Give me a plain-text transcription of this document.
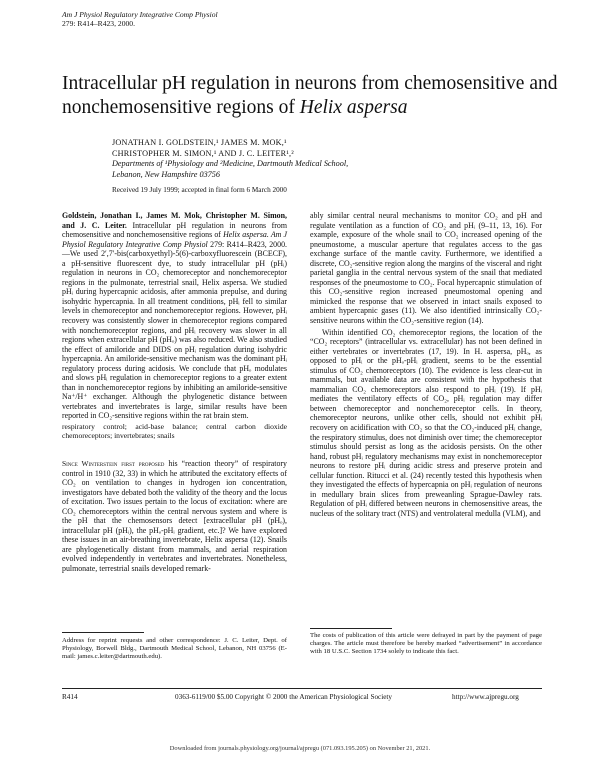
Am J Physiol Regulatory Integrative Comp Physiol
279: R414–R423, 2000.
Intracellular pH regulation in neurons from chemosensitive and nonchemosensitive regions of Helix aspersa
JONATHAN I. GOLDSTEIN,¹ JAMES M. MOK,¹
CHRISTOPHER M. SIMON,¹ AND J. C. LEITER¹,²
Departments of ¹Physiology and ²Medicine, Dartmouth Medical School,
Lebanon, New Hampshire 03756
Received 19 July 1999; accepted in final form 6 March 2000

Goldstein, Jonathan I., James M. Mok, Christopher M. Simon, and J. C. Leiter. Intracellular pH regulation in neurons from chemosensitive and nonchemosensitive regions of Helix aspersa. Am J Physiol Regulatory Integrative Comp Physiol 279: R414–R423, 2000.—We used 2′,7′-bis(carboxyethyl)-5(6)-carboxyfluorescein (BCECF), a pH-sensitive fluorescent dye, to study intracellular pH (pHᵢ) regulation in neurons in CO₂ chemoreceptor and nonchemoreceptor regions in the pulmonate, terrestrial snail, Helix aspersa. We studied pHᵢ during hypercapnic acidosis, after ammonia prepulse, and during isohydric hypercapnia. In all treatment conditions, pHᵢ fell to similar levels in chemoreceptor and nonchemoreceptor regions. However, pHᵢ recovery was consistently slower in chemoreceptor regions compared with nonchemoreceptor regions, and pHᵢ recovery was slower in all regions when extracellular pH (pHₒ) was also reduced. We also studied the effect of amiloride and DIDS on pHᵢ regulation during isohydric hypercapnia. An amiloride-sensitive mechanism was the dominant pHᵢ regulatory process during acidosis. We conclude that pHₒ modulates and slows pHᵢ regulation in chemoreceptor regions to a greater extent than in nonchemoreceptor regions by inhibiting an amiloride-sensitive Na⁺/H⁺ exchanger. Although the phylogenetic distance between vertebrates and invertebrates is large, similar results have been reported in CO₂-sensitive regions within the rat brain stem.

respiratory control; acid-base balance; central carbon dioxide chemoreceptors; invertebrates; snails

Since Winterstein first proposed his “reaction theory” of respiratory control in 1910 (32, 33) in which he attributed the excitatory effects of CO₂ on ventilation to changes in hydrogen ion concentration, investigators have debated both the validity of the theory and the locus of excitation. Two issues pertain to the locus of excitation: where are CO₂ chemoreceptors within the central nervous system and where is the pH that the chemosensors detect [extracellular pH (pHₒ), intracellular pH (pHᵢ), the pHₒ-pHᵢ gradient, etc.]? We have explored these issues in an air-breathing invertebrate, Helix aspersa (12). Snails are phylogenetically distant from mammals, and aerial respiration evolved independently in vertebrates and invertebrates. Nonetheless, pulmonate, terrestrial snails developed remark-

ably similar central neural mechanisms to monitor CO₂ and pH and regulate ventilation as a function of CO₂ and pHᵢ (9–11, 13, 16). For example, exposure of the whole snail to CO₂ increased opening of the pneumostome, a muscular aperture that regulates access to the gas exchange surface of the mantle cavity. Furthermore, we identified a discrete, CO₂-sensitive region along the margins of the visceral and right parietal ganglia in the central nervous system of the snail that mediated responses of the pneumostome to CO₂. Focal hypercapnic stimulation of this CO₂-sensitive region increased pneumostomal opening and mimicked the response that we observed in intact snails exposed to ambient hypercapnic gases (11). We also identified intrinsically CO₂-sensitive neurons within the CO₂-sensitive region (14).

Within identified CO₂ chemoreceptor regions, the location of the “CO₂ receptors” (intracellular vs. extracellular) has not been defined in either vertebrates or invertebrates (17, 19). In H. aspersa, pHₒ, as opposed to pHᵢ or the pHₒ-pHᵢ gradient, seems to be the essential stimulus of CO₂ chemoreceptors (10). The evidence is less clear-cut in mammals, but available data are consistent with the hypothesis that mammalian CO₂ chemoreceptors also respond to pHᵢ (19). If pHᵢ mediates the ventilatory effects of CO₂, pHᵢ regulation may differ between chemoreceptor and nonchemoreceptor cells. In theory, chemoreceptor neurons, unlike other cells, should not exhibit pHᵢ recovery on acidification with CO₂ so that the CO₂-induced pHᵢ change, the respiratory stimulus, does not diminish over time; the chemoreceptor stimulus should persist as long as the acidosis persists. On the other hand, robust pHᵢ regulatory mechanisms may exist in nonchemoreceptor neurons to restore pHᵢ during acidic stress and preserve protein and cellular function. Ritucci et al. (24) recently tested this hypothesis when they investigated the effects of hypercapnia on pHᵢ regulation of neurons in medullary brain slices from preweanling Sprague-Dawley rats. Regulation of pHᵢ differed between neurons in chemosensitive areas, the nucleus of the solitary tract (NTS) and ventrolateral medulla (VLM), and

Address for reprint requests and other correspondence: J. C. Leiter, Dept. of Physiology, Borwell Bldg., Dartmouth Medical School, Lebanon, NH 03756 (E-mail: james.c.leiter@dartmouth.edu).
The costs of publication of this article were defrayed in part by the payment of page charges. The article must therefore be hereby marked “advertisement” in accordance with 18 U.S.C. Section 1734 solely to indicate this fact.
R414	0363-6119/00 $5.00 Copyright © 2000 the American Physiological Society	http://www.ajpregu.org
Downloaded from journals.physiology.org/journal/ajpregu (071.093.195.205) on November 21, 2021.
